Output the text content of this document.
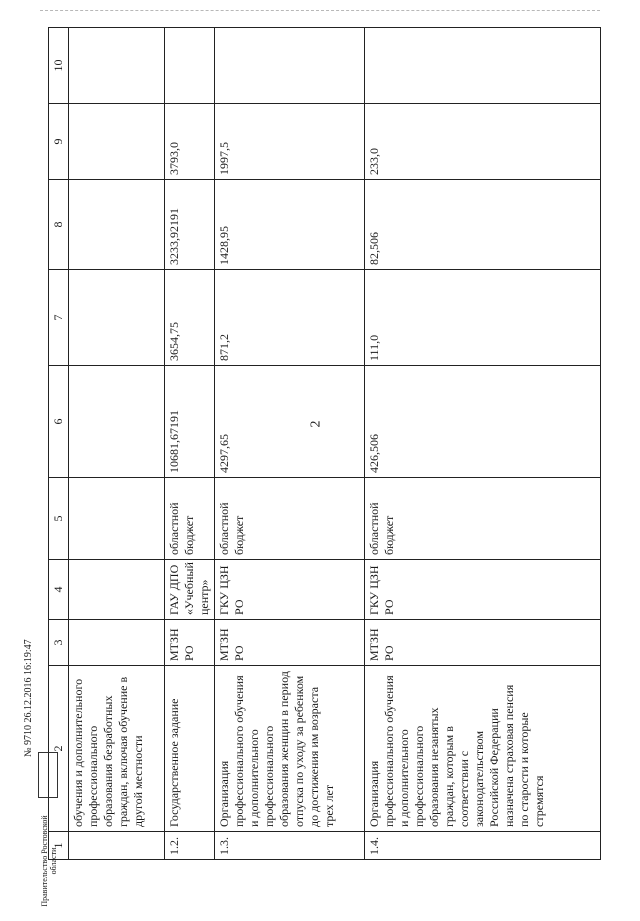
2
1	2	3	4	5	6	7	8	9	10
	обучения и дополнительного профессионального образования безработных граждан, включая обучение в другой местности								
1.2.	Государственное задание	МТЗН РО	ГАУ ДПО «Учебный центр»	областной бюджет	10681,67191	3654,75	3233,92191	3793,0	
1.3.	Организация профессионального обучения и дополнительного профессионального образования женщин в период отпуска по уходу за ребенком до достижения им возраста трех лет	МТЗН РО	ГКУ ЦЗН РО	областной бюджет	4297,65	871,2	1428,95	1997,5	
1.4.	Организация профессионального обучения и дополнительного профессионального образования незанятых граждан, которым в соответствии с законодательством Российской Федерации назначена страховая пенсия по старости и которые стремятся	МТЗН РО	ГКУ ЦЗН РО	областной бюджет	426,506	111,0	82,506	233,0	
Правительство Ростовской области
№ 9710 26.12.2016 16:19:47
